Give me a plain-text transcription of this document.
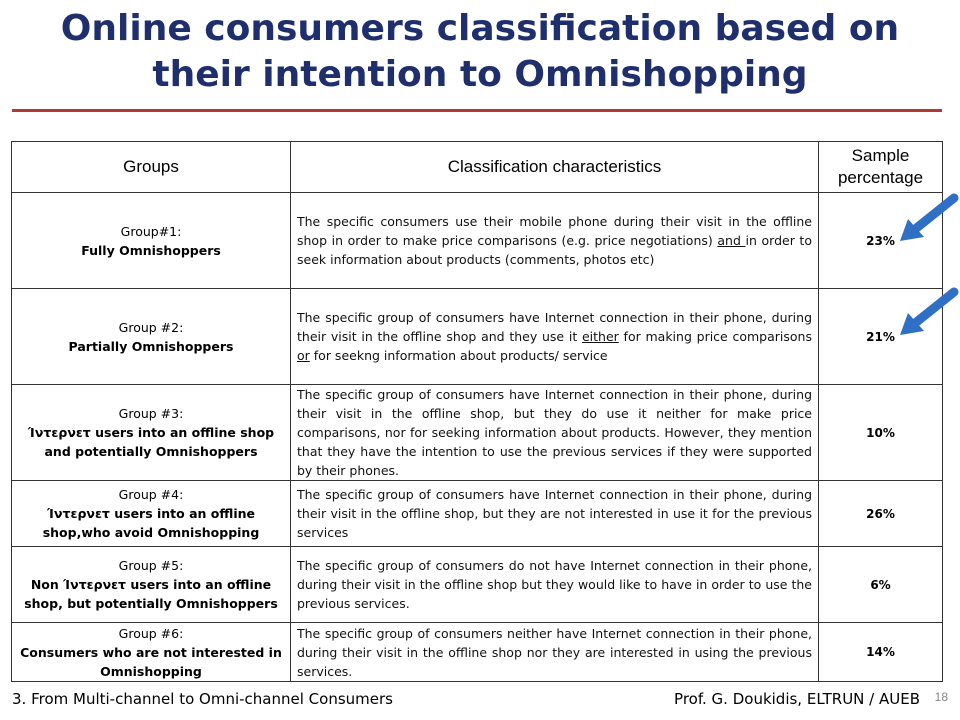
Online consumers classification based on
their intention to Omnishopping
Groups	Classification characteristics	Sample
percentage

Group#1:
Fully Omnishoppers	The specific consumers use their mobile phone during their visit in the offline shop in order to make price comparisons (e.g. price negotiations) and in order to seek information about products (comments, photos etc)	23%

Group #2:
Partially Omnishoppers	The specific group of consumers have Internet connection in their phone, during their visit in the offline shop and they use it either for making price comparisons or for seekng information about products/ service	21%

Group #3:
Ίντερνετ users into an offline shop and potentially Omnishoppers	The specific group of consumers have Internet connection in their phone, during their visit in the offline shop, but they do use it neither for make price comparisons, nor for seeking information about products. However, they mention that they have the intention to use the previous services if they were supported by their phones.	10%

Group #4:
Ίντερνετ users into an offline shop,who avoid Omnishopping	The specific group of consumers have Internet connection in their phone, during their visit in the offline shop, but they are not interested in use it for the previous services	26%

Group #5:
Non Ίντερνετ users into an offline shop, but potentially Omnishoppers	The specific group of consumers do not have Internet connection in their phone, during their visit in the offline shop but they would like to have in order to use the previous services.	6%

Group #6:
Consumers who are not interested in Omnishopping	The specific group of consumers neither have Internet connection in their phone, during their visit in the offline shop nor they are interested in using the previous services.	14%
3. From Multi-channel to Omni-channel Consumers	Prof. G. Doukidis, ELTRUN / AUEB 18
